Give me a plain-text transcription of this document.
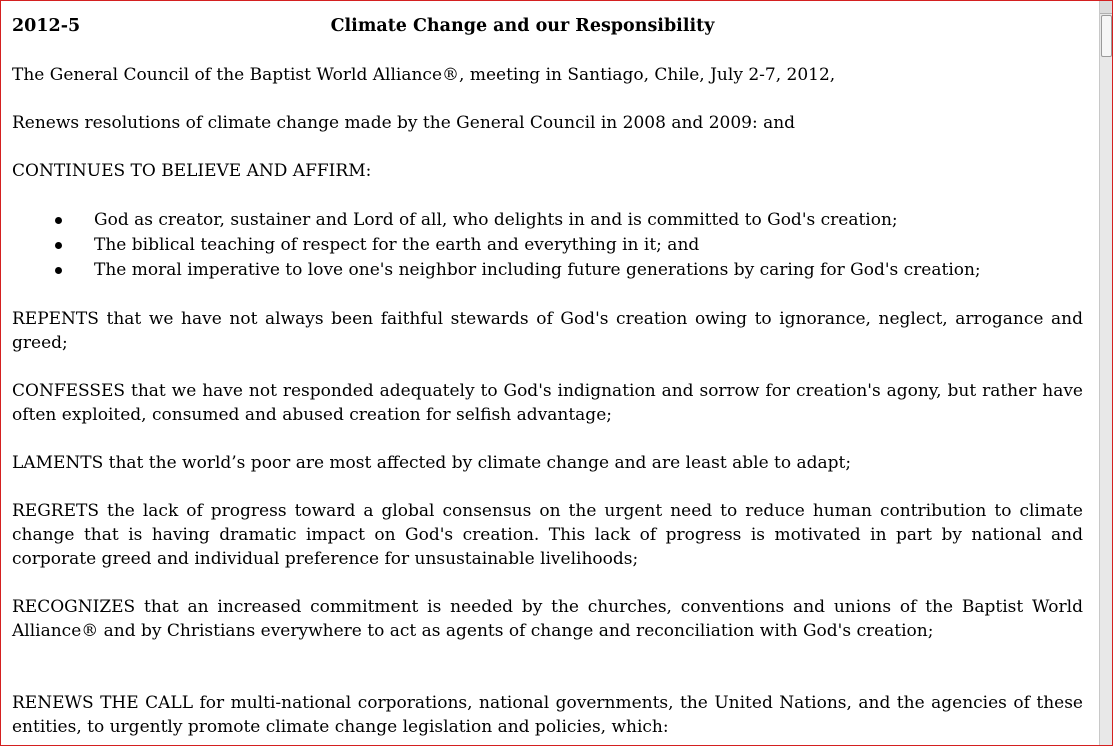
2012-5	Climate Change and our Responsibility

The General Council of the Baptist World Alliance®, meeting in Santiago, Chile, July 2-7, 2012,

Renews resolutions of climate change made by the General Council in 2008 and 2009: and

CONTINUES TO BELIEVE AND AFFIRM:

God as creator, sustainer and Lord of all, who delights in and is committed to God's creation;
The biblical teaching of respect for the earth and everything in it; and
The moral imperative to love one's neighbor including future generations by caring for God's creation;

REPENTS that we have not always been faithful stewards of God's creation owing to ignorance, neglect, arrogance and greed;

CONFESSES that we have not responded adequately to God's indignation and sorrow for creation's agony, but rather have often exploited, consumed and abused creation for selfish advantage;

LAMENTS that the world’s poor are most affected by climate change and are least able to adapt;

REGRETS the lack of progress toward a global consensus on the urgent need to reduce human contribution to climate change that is having dramatic impact on God's creation. This lack of progress is motivated in part by national and corporate greed and individual preference for unsustainable livelihoods;

RECOGNIZES that an increased commitment is needed by the churches, conventions and unions of the Baptist World Alliance® and by Christians everywhere to act as agents of change and reconciliation with God's creation;

RENEWS THE CALL for multi-national corporations, national governments, the United Nations, and the agencies of these entities, to urgently promote climate change legislation and policies, which:
